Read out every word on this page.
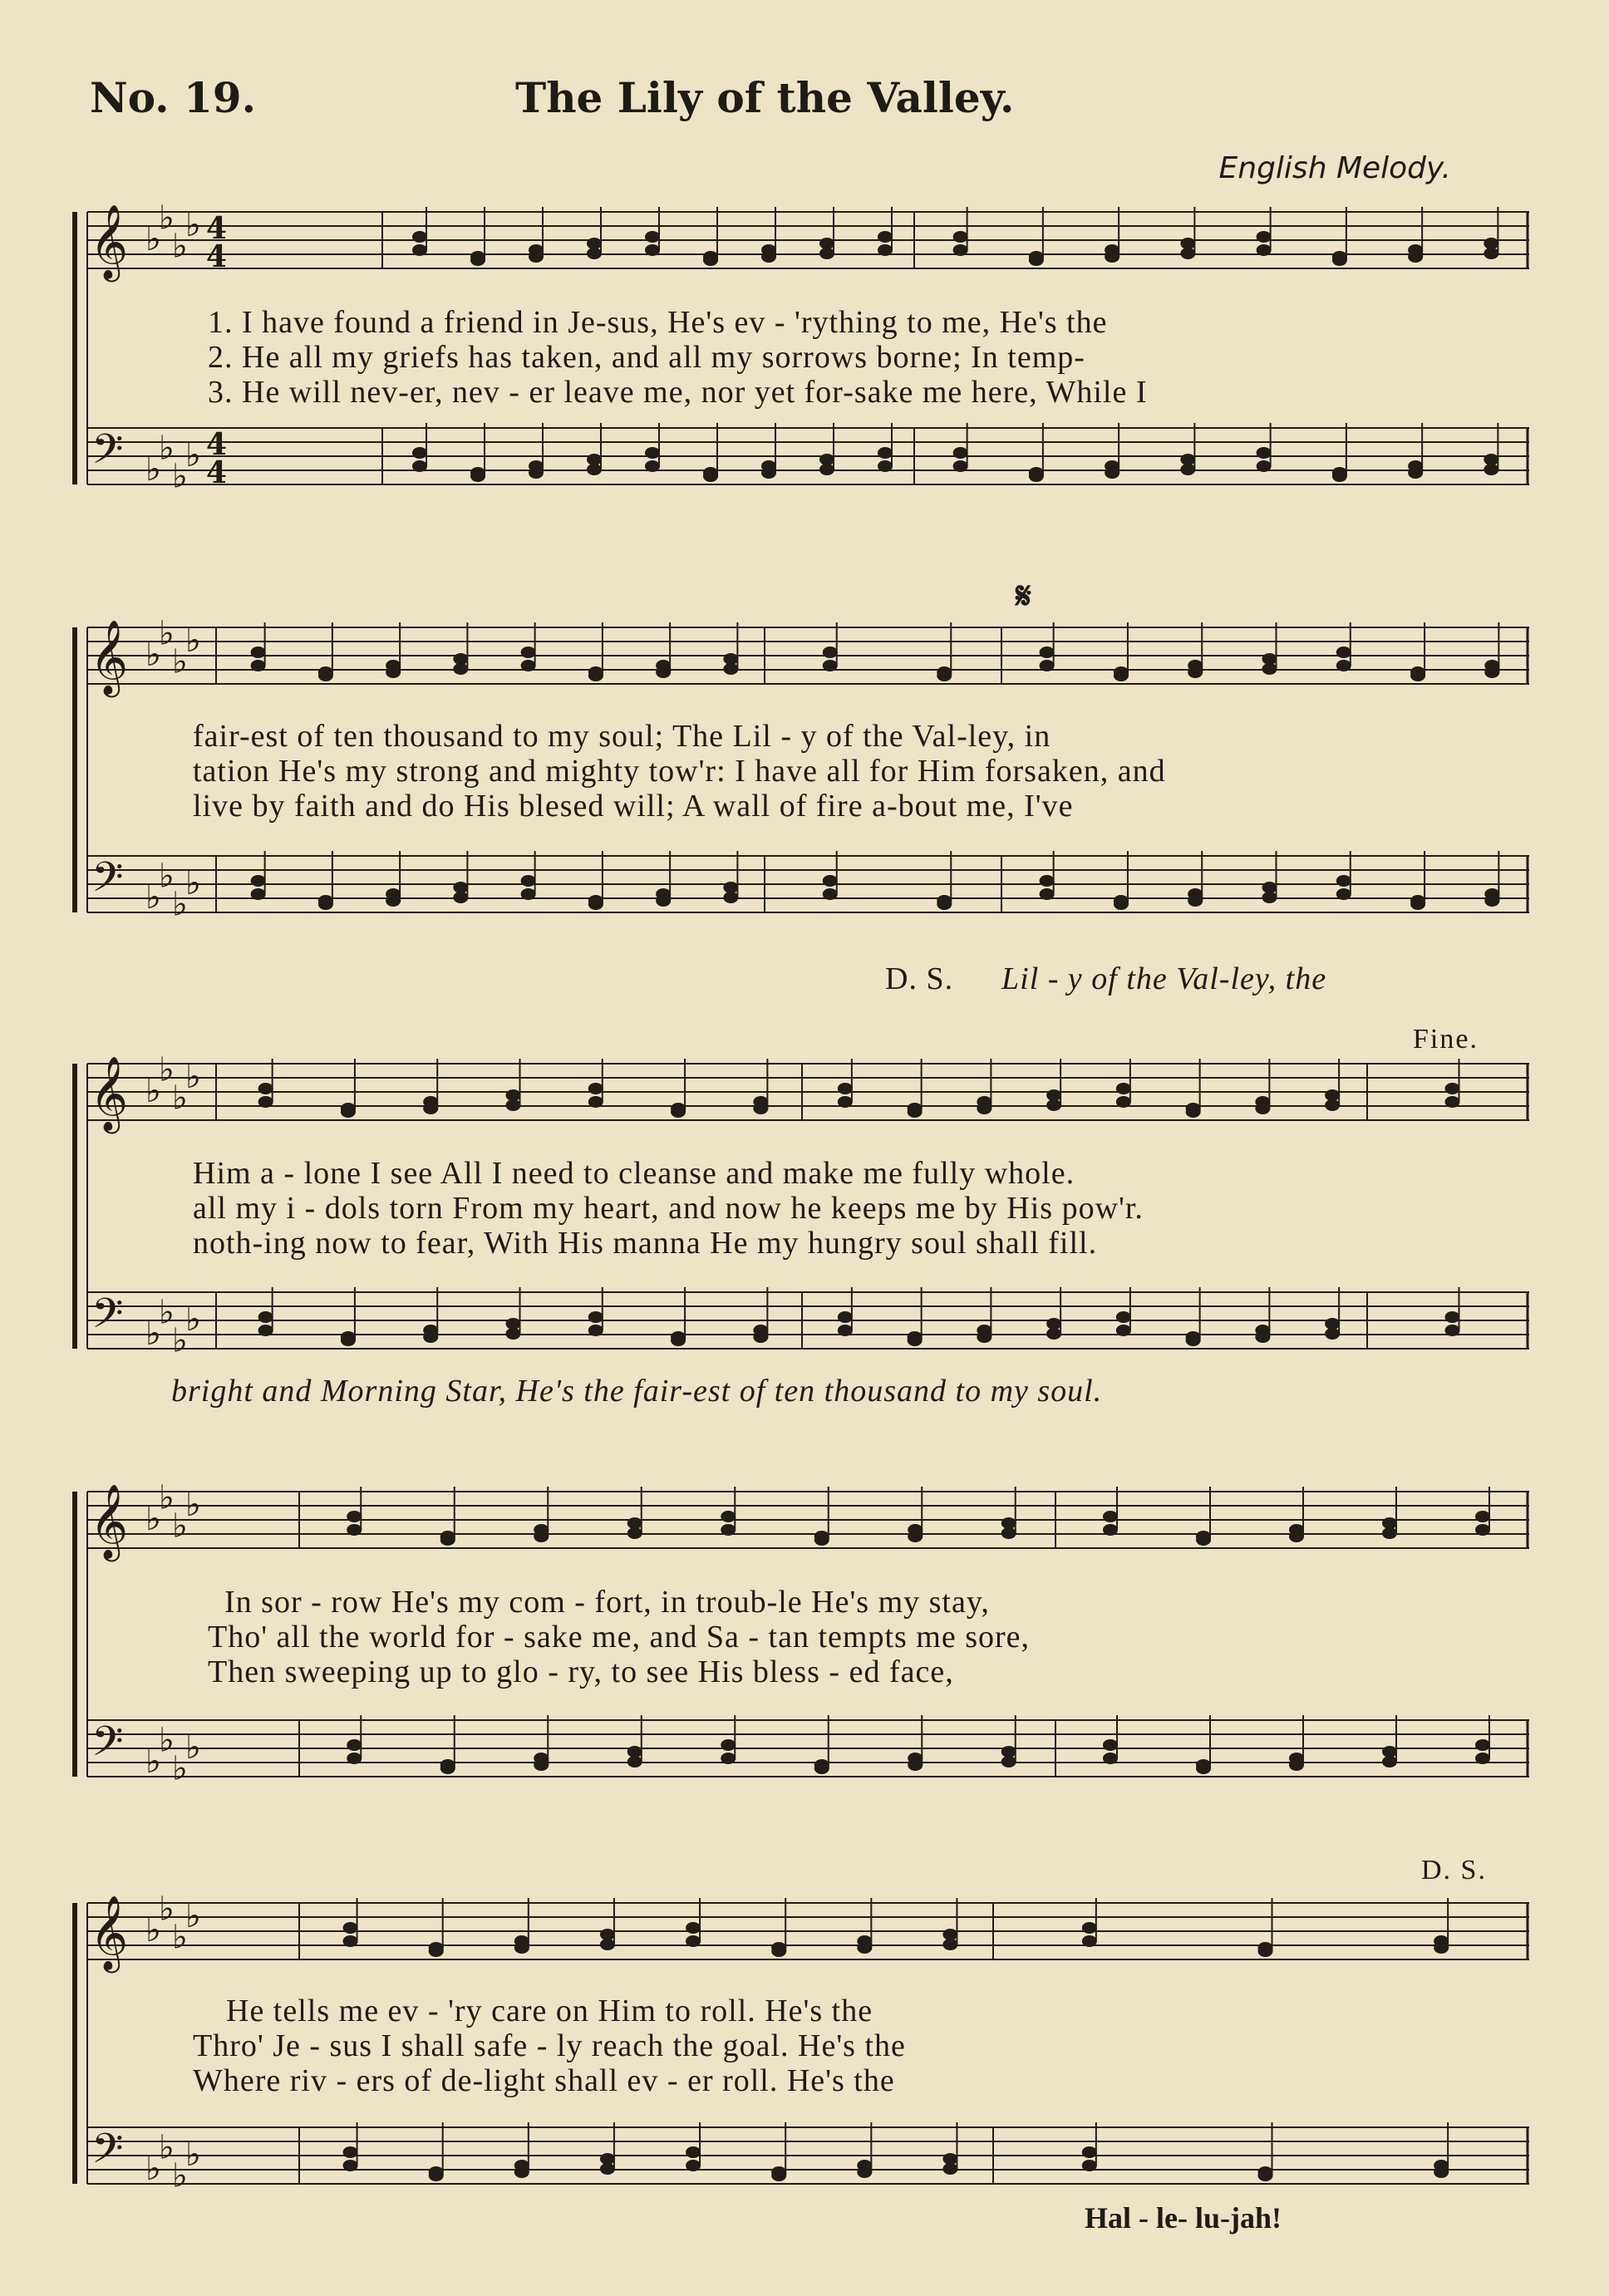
No. 19.	The Lily of the Valley.
English Melody.
𝄞
𝄢
♭
♭
♭
♭
♭
♭
♭
♭
4
4
4
4
𝄞
𝄢
♭
♭
♭
♭
♭
♭
♭
♭
𝄞
𝄢
♭
♭
♭
♭
♭
♭
♭
♭
𝄞
𝄢
♭
♭
♭
♭
♭
♭
♭
♭
𝄞
𝄢
♭
♭
♭
♭
♭
♭
♭
♭
1. I have found a friend in Je-sus, He's ev - 'rything to me, He's the
2. He all my griefs has taken, and all my sorrows borne; In temp-
3. He will nev-er, nev - er leave me, nor yet for-sake me here, While I
𝄋
fair-est of ten thousand to my soul; The Lil - y of the Val-ley, in
tation He's my strong and mighty tow'r: I have all for Him forsaken, and
live by faith and do His blesed will; A wall of fire a-bout me, I've
D. S. Lil - y of the Val-ley, the
Fine.
Him a - lone I see All I need to cleanse and make me fully whole.
all my i - dols torn From my heart, and now he keeps me by His pow'r.
noth-ing now to fear, With His manna He my hungry soul shall fill.
bright and Morning Star, He's the fair-est of ten thousand to my soul.
In sor - row He's my com - fort, in troub-le He's my stay,
Tho' all the world for - sake me, and Sa - tan tempts me sore,
Then sweeping up to glo - ry, to see His bless - ed face,
D. S.
He tells me ev - 'ry care on Him to roll. He's the
Thro' Je - sus I shall safe - ly reach the goal. He's the
Where riv - ers of de-light shall ev - er roll. He's the
Hal - le- lu-jah!
